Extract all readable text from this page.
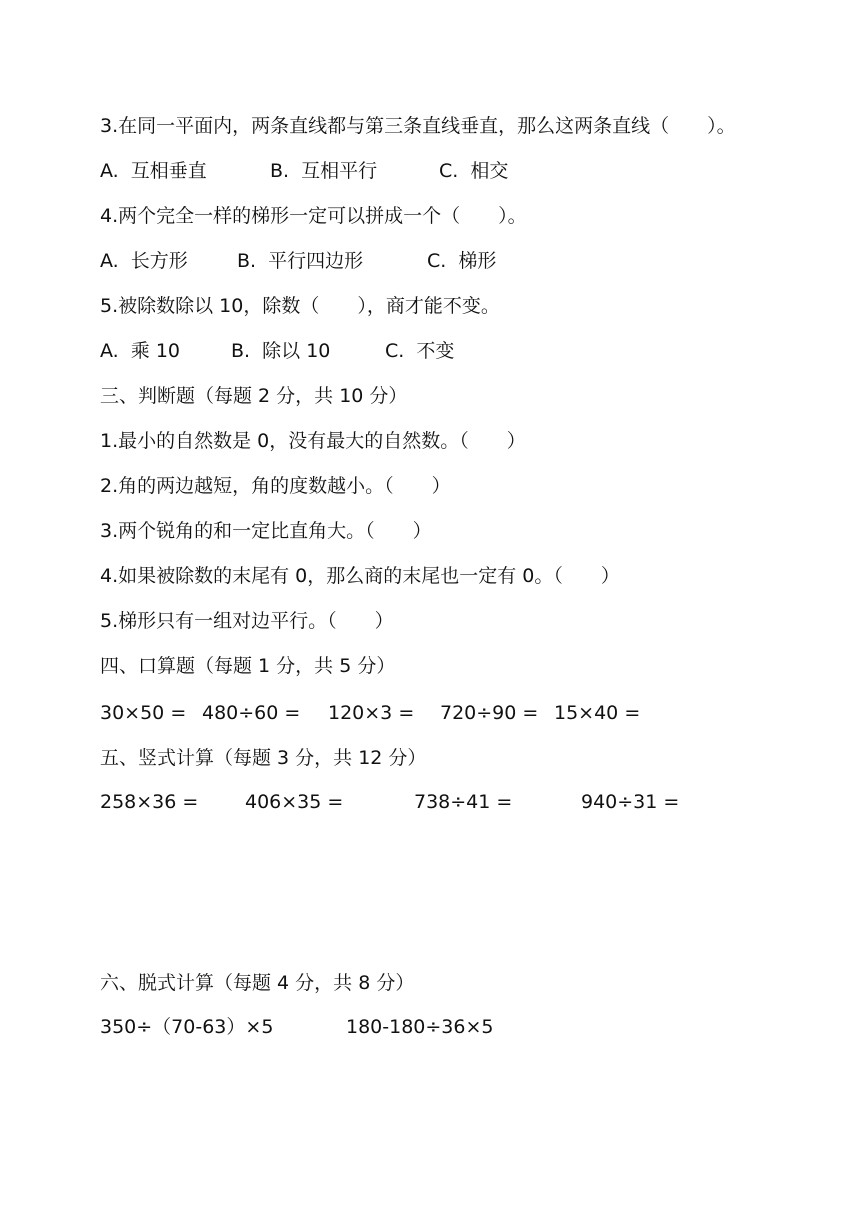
3.在同一平面内，两条直线都与第三条直线垂直，那么这两条直线（　　）。
A.  互相垂直	B.  互相平行	C.  相交
4.两个完全一样的梯形一定可以拼成一个（　　）。
A.  长方形	B.  平行四边形	C.  梯形
5.被除数除以 10，除数（　　），商才能不变。
A.  乘 10	B.  除以 10	C.  不变
三、判断题（每题 2 分，共 10 分）
1.最小的自然数是 0，没有最大的自然数。（　　）
2.角的两边越短，角的度数越小。（　　）
3.两个锐角的和一定比直角大。（　　）
4.如果被除数的末尾有 0，那么商的末尾也一定有 0。（　　）
5.梯形只有一组对边平行。（　　）
四、口算题（每题 1 分，共 5 分）
30×50 = 480÷60 = 120×3 = 720÷90 = 15×40 =
五、竖式计算（每题 3 分，共 12 分）
258×36 = 406×35 =	738÷41 =	940÷31 =
六、脱式计算（每题 4 分，共 8 分）
350÷（70-63）×5	180-180÷36×5
